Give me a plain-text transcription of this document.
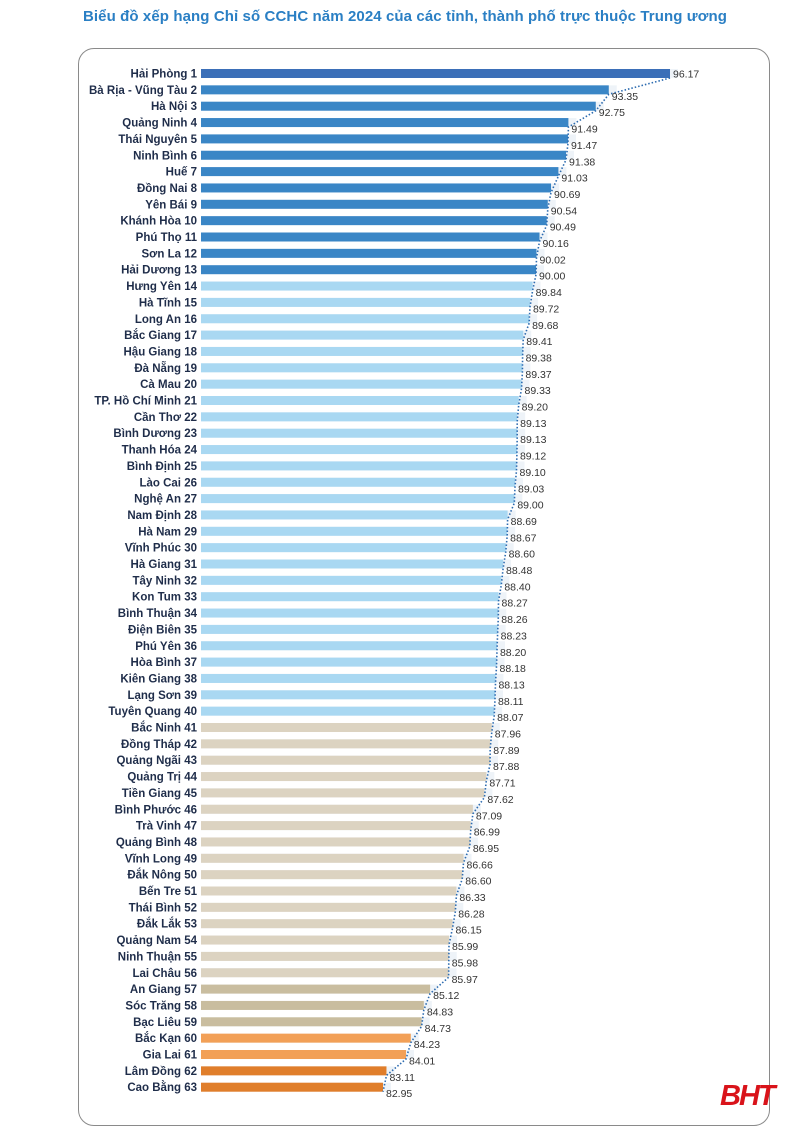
Biểu đồ xếp hạng Chỉ số CCHC năm 2024 của các tỉnh, thành phố trực thuộc Trung ương
Hải Phòng 1	96.17
Bà Rịa - Vũng Tàu 2	93.35
Hà Nội 3	92.75
Quảng Ninh 4	91.49
Thái Nguyên 5	91.47
Ninh Bình 6	91.38
Huế 7	91.03
Đồng Nai 8	90.69
Yên Bái 9	90.54
Khánh Hòa 10	90.49
Phú Thọ 11	90.16
Sơn La 12	90.02
Hải Dương 13	90.00
Hưng Yên 14	89.84
Hà Tĩnh 15	89.72
Long An 16	89.68
Bắc Giang 17	89.41
Hậu Giang 18	89.38
Đà Nẵng 19	89.37
Cà Mau 20	89.33
TP. Hồ Chí Minh 21	89.20
Cần Thơ 22	89.13
Bình Dương 23	89.13
Thanh Hóa 24	89.12
Bình Định 25	89.10
Lào Cai 26	89.03
Nghệ An 27	89.00
Nam Định 28	88.69
Hà Nam 29	88.67
Vĩnh Phúc 30	88.60
Hà Giang 31	88.48
Tây Ninh 32	88.40
Kon Tum 33	88.27
Bình Thuận 34	88.26
Điện Biên 35	88.23
Phú Yên 36	88.20
Hòa Bình 37	88.18
Kiên Giang 38	88.13
Lạng Sơn 39	88.11
Tuyên Quang 40	88.07
Bắc Ninh 41	87.96
Đồng Tháp 42	87.89
Quảng Ngãi 43	87.88
Quảng Trị 44	87.71
Tiền Giang 45	87.62
Bình Phước 46	87.09
Trà Vinh 47	86.99
Quảng Bình 48	86.95
Vĩnh Long 49	86.66
Đắk Nông 50	86.60
Bến Tre 51	86.33
Thái Bình 52	86.28
Đắk Lắk 53	86.15
Quảng Nam 54	85.99
Ninh Thuận 55	85.98
Lai Châu 56	85.97
An Giang 57	85.12
Sóc Trăng 58	84.83
Bạc Liêu 59	84.73
Bắc Kạn 60	84.23
Gia Lai 61	84.01
Lâm Đồng 62	83.11
Cao Bằng 63	82.95	BHT
